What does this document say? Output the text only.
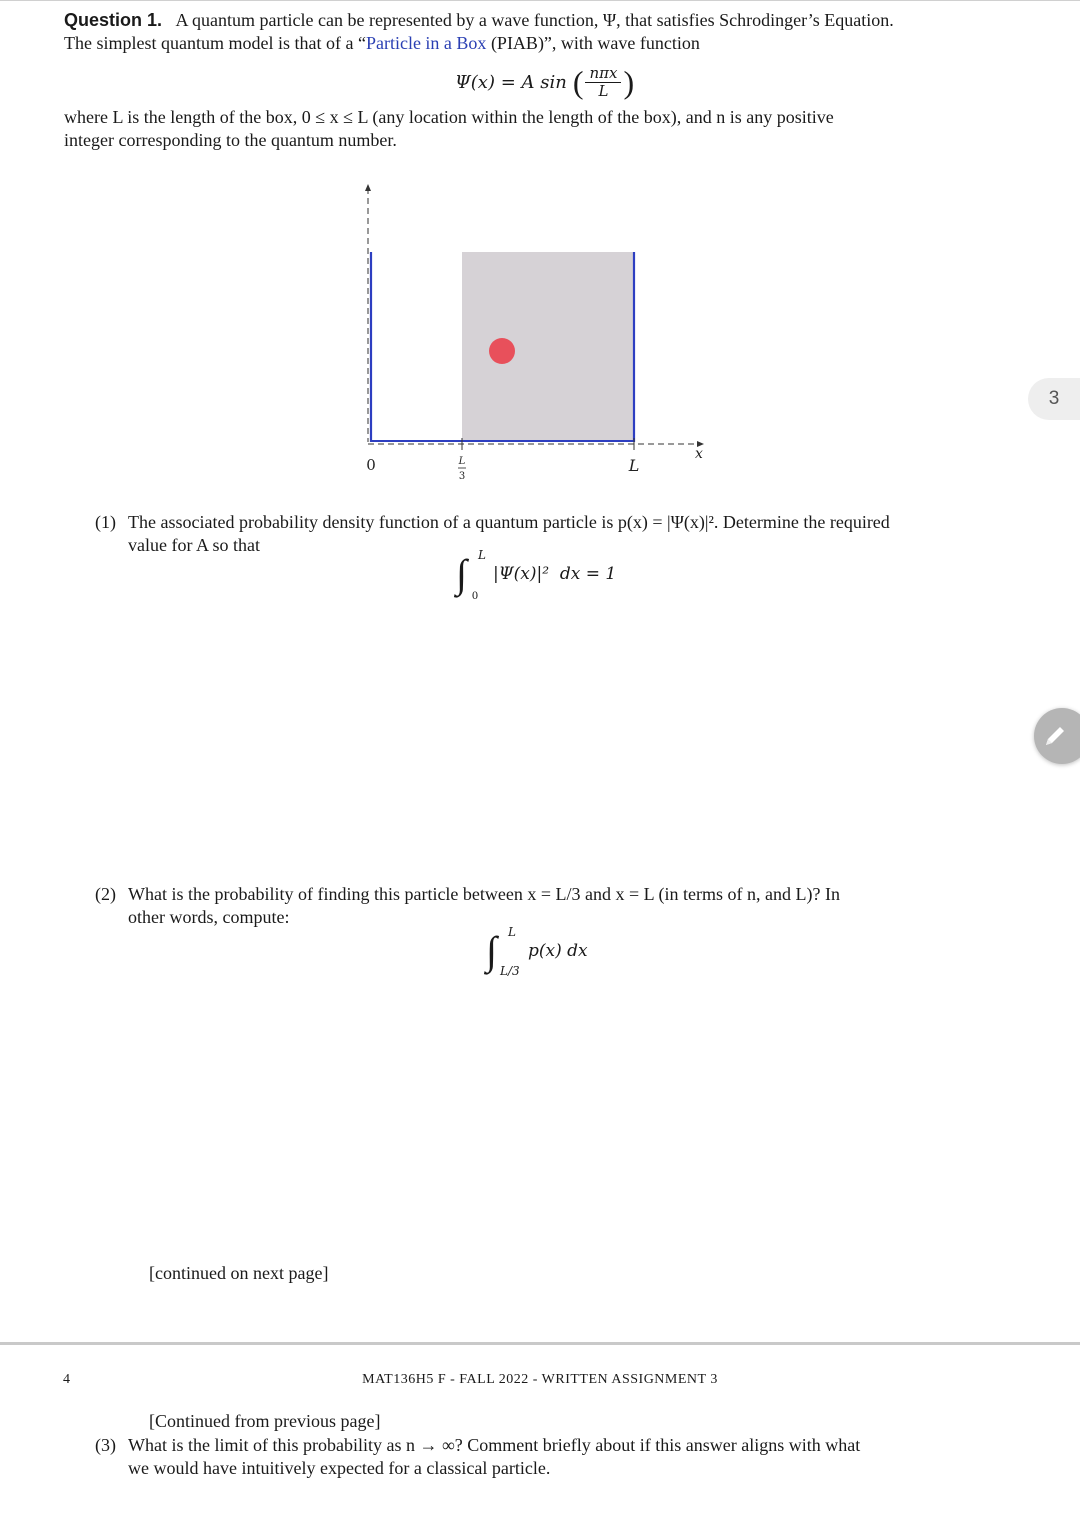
Question 1. A quantum particle can be represented by a wave function, Ψ, that satisfies Schrodinger’s Equation.
The simplest quantum model is that of a “Particle in a Box (PIAB)”, with wave function
Ψ(x) = A sin ( nπx
L )
where L is the length of the box, 0 ≤ x ≤ L (any location within the length of the box), and n is any positive
integer corresponding to the quantum number.
0	L
3
L
x
3
(1) The associated probability density function of a quantum particle is p(x) = |Ψ(x)|². Determine the required
value for A so that
∫ L
0
|Ψ(x)|²  dx = 1
(2) What is the probability of finding this particle between x = L/3 and x = L (in terms of n, and L)? In
other words, compute:
∫ L
L/3
p(x) dx
[continued on next page]
4	MAT136H5 F - FALL 2022 - WRITTEN ASSIGNMENT 3
[Continued from previous page]
(3) What is the limit of this probability as n → ∞? Comment briefly about if this answer aligns with what
we would have intuitively expected for a classical particle.
